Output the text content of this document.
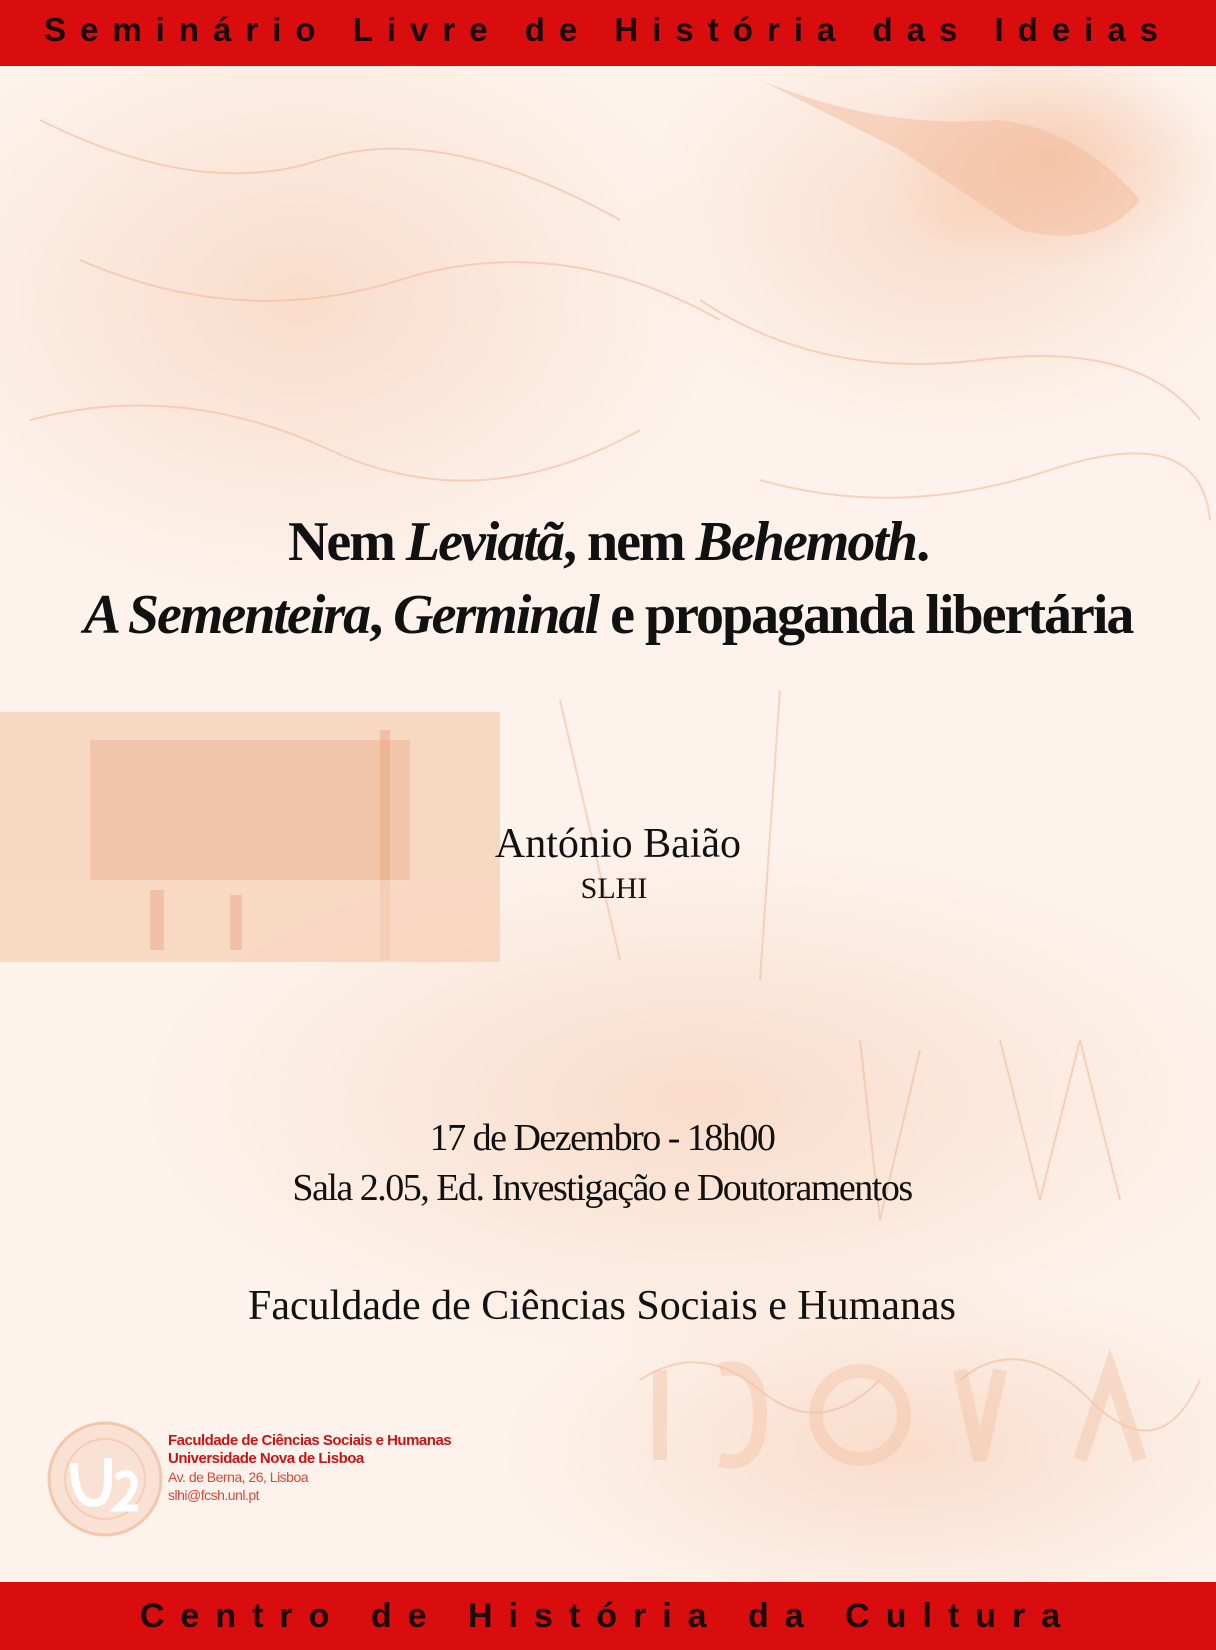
Seminário Livre de História das Ideias
Nem Leviatã, nem Behemoth.
A Sementeira, Germinal e propaganda libertária
António Baião
SLHI
17 de Dezembro - 18h00
Sala 2.05, Ed. Investigação e Doutoramentos
Faculdade de Ciências Sociais e Humanas
Faculdade de Ciências Sociais e Humanas
Universidade Nova de Lisboa
Av. de Berna, 26, Lisboa
slhi@fcsh.unl.pt
Centro de História da Cultura
